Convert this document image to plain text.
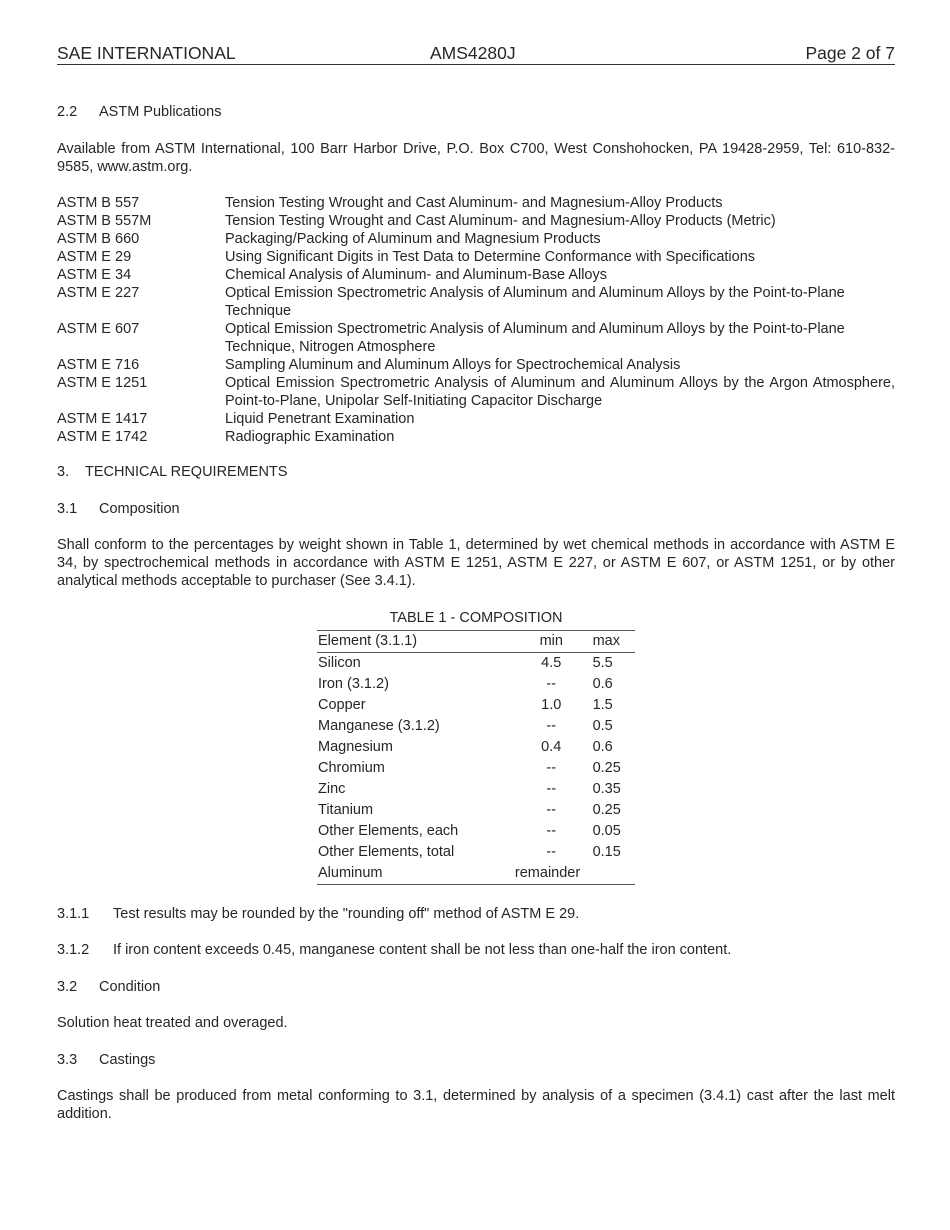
SAE INTERNATIONAL	AMS4280J	Page 2 of 7
2.2 ASTM Publications
Available from ASTM International, 100 Barr Harbor Drive, P.O. Box C700, West Conshohocken, PA 19428-2959, Tel: 610-832-9585, www.astm.org.
ASTM B 557	Tension Testing Wrought and Cast Aluminum- and Magnesium-Alloy Products
ASTM B 557M	Tension Testing Wrought and Cast Aluminum- and Magnesium-Alloy Products (Metric)
ASTM B 660	Packaging/Packing of Aluminum and Magnesium Products
ASTM E 29	Using Significant Digits in Test Data to Determine Conformance with Specifications
ASTM E 34	Chemical Analysis of Aluminum- and Aluminum-Base Alloys
ASTM E 227	Optical Emission Spectrometric Analysis of Aluminum and Aluminum Alloys by the Point-to-Plane Technique
ASTM E 607	Optical Emission Spectrometric Analysis of Aluminum and Aluminum Alloys by the Point-to-Plane Technique, Nitrogen Atmosphere
ASTM E 716	Sampling Aluminum and Aluminum Alloys for Spectrochemical Analysis
ASTM E 1251	Optical Emission Spectrometric Analysis of Aluminum and Aluminum Alloys by the Argon Atmosphere, Point-to-Plane, Unipolar Self-Initiating Capacitor Discharge
ASTM E 1417	Liquid Penetrant Examination
ASTM E 1742	Radiographic Examination
3. TECHNICAL REQUIREMENTS
3.1 Composition
Shall conform to the percentages by weight shown in Table 1, determined by wet chemical methods in accordance with ASTM E 34, by spectrochemical methods in accordance with ASTM E 1251, ASTM E 227, or ASTM E 607, or ASTM 1251, or by other analytical methods acceptable to purchaser (See 3.4.1).
TABLE 1 - COMPOSITION
Element (3.1.1)	min	max
Silicon	4.5	5.5
Iron (3.1.2)	--	0.6
Copper	1.0	1.5
Manganese (3.1.2)	--	0.5
Magnesium	0.4	0.6
Chromium	--	0.25
Zinc	--	0.35
Titanium	--	0.25
Other Elements, each	--	0.05
Other Elements, total	--	0.15
Aluminum	remainder	
3.1.1 Test results may be rounded by the "rounding off" method of ASTM E 29.
3.1.2 If iron content exceeds 0.45, manganese content shall be not less than one-half the iron content.
3.2 Condition
Solution heat treated and overaged.
3.3 Castings
Castings shall be produced from metal conforming to 3.1, determined by analysis of a specimen (3.4.1) cast after the last melt addition.
